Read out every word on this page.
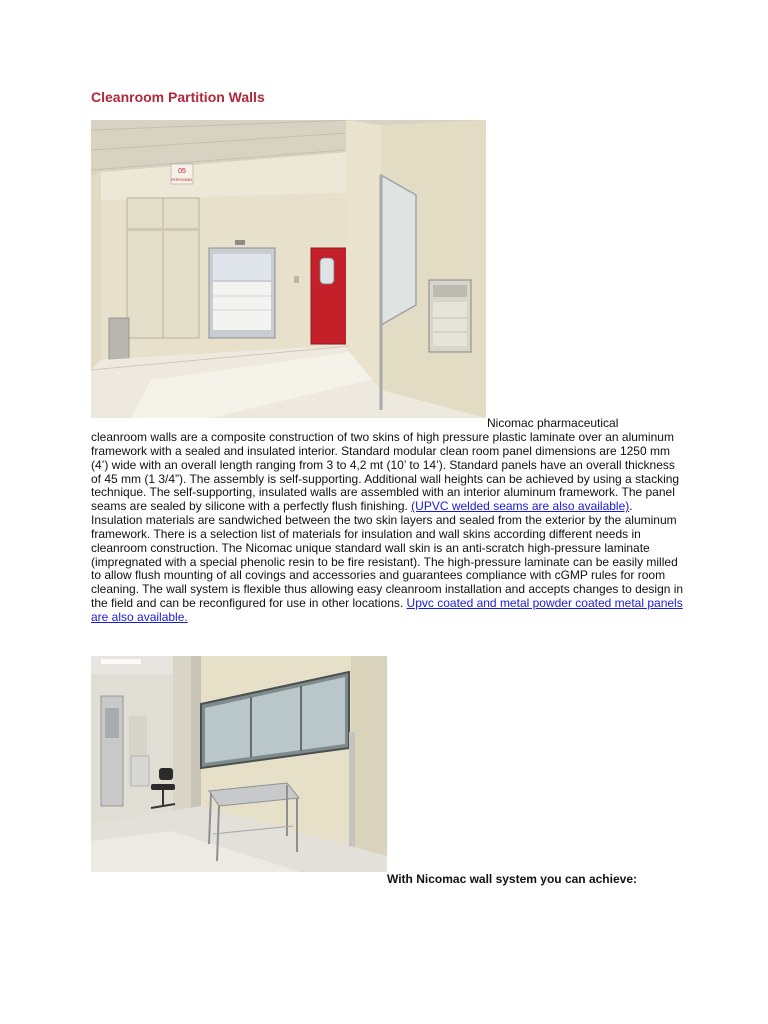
Cleanroom Partition Walls
05
PERSONNEL
Nicomac pharmaceutical

cleanroom walls are a composite construction of two skins of high pressure plastic laminate over an aluminum framework with a sealed and insulated interior. Standard modular clean room panel dimensions are 1250 mm (4’) wide with an overall length ranging from 3 to 4,2 mt (10’ to 14’). Standard panels have an overall thickness of 45 mm (1 3/4”). The assembly is self-supporting. Additional wall heights can be achieved by using a stacking technique. The self-supporting, insulated walls are assembled with an interior aluminum framework. The panel seams are sealed by silicone with a perfectly flush finishing. (UPVC welded seams are also available). Insulation materials are sandwiched between the two skin layers and sealed from the exterior by the aluminum framework. There is a selection list of materials for insulation and wall skins according different needs in cleanroom construction. The Nicomac unique standard wall skin is an anti-scratch high-pressure laminate (impregnated with a special phenolic resin to be fire resistant). The high-pressure laminate can be easily milled to allow flush mounting of all covings and accessories and guarantees compliance with cGMP rules for room cleaning. The wall system is flexible thus allowing easy cleanroom installation and accepts changes to design in the field and can be reconfigured for use in other locations. Upvc coated and metal powder coated metal panels are also available.

With Nicomac wall system you can achieve:
